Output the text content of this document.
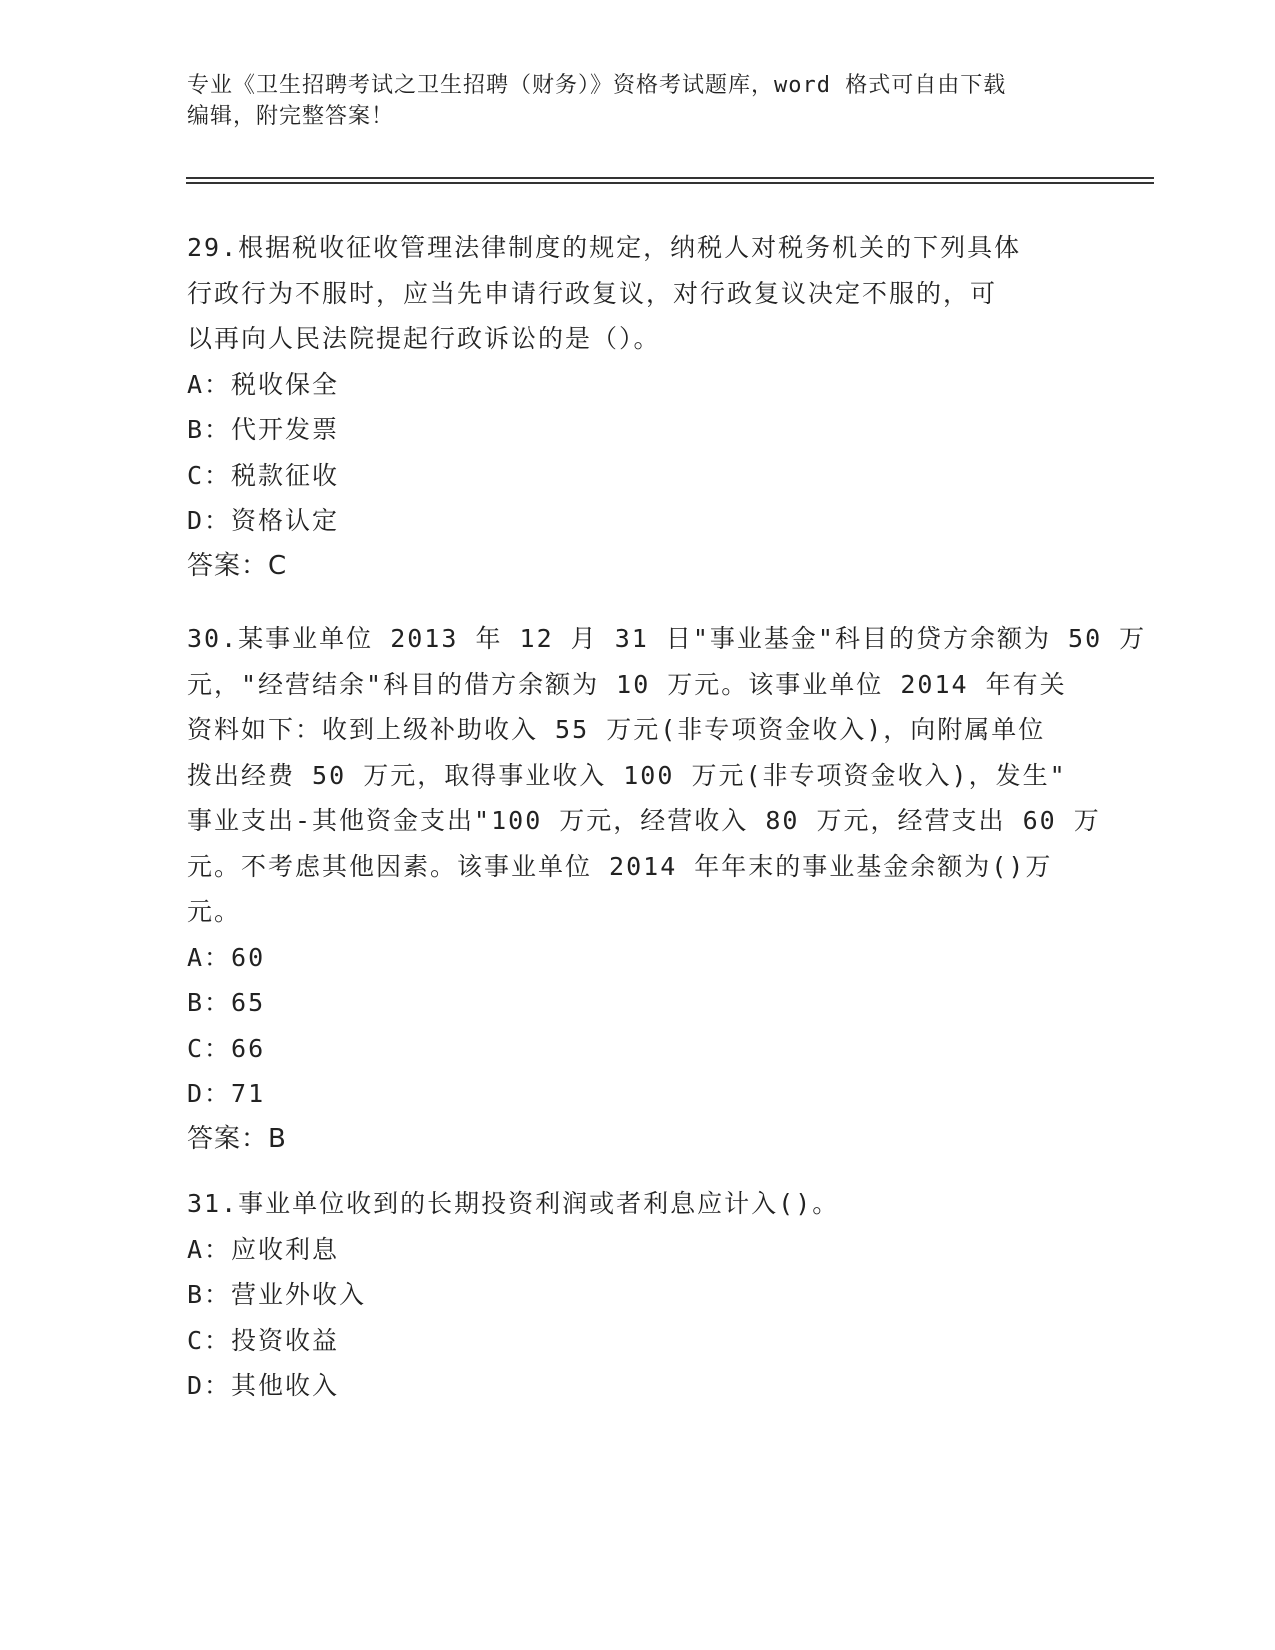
专业《卫生招聘考试之卫生招聘（财务）》资格考试题库，word 格式可自由下载
编辑，附完整答案！
29.根据税收征收管理法律制度的规定，纳税人对税务机关的下列具体
行政行为不服时，应当先申请行政复议，对行政复议决定不服的，可
以再向人民法院提起行政诉讼的是（）。
A：税收保全
B：代开发票
C：税款征收
D：资格认定
答案：C
30.某事业单位 2013 年 12 月 31 日"事业基金"科目的贷方余额为 50 万
元，"经营结余"科目的借方余额为 10 万元。该事业单位 2014 年有关
资料如下：收到上级补助收入 55 万元(非专项资金收入)，向附属单位
拨出经费 50 万元，取得事业收入 100 万元(非专项资金收入)，发生"
事业支出-其他资金支出"100 万元，经营收入 80 万元，经营支出 60 万
元。不考虑其他因素。该事业单位 2014 年年末的事业基金余额为()万
元。
A：60
B：65
C：66
D：71
答案：B
31.事业单位收到的长期投资利润或者利息应计入()。
A：应收利息
B：营业外收入
C：投资收益
D：其他收入
